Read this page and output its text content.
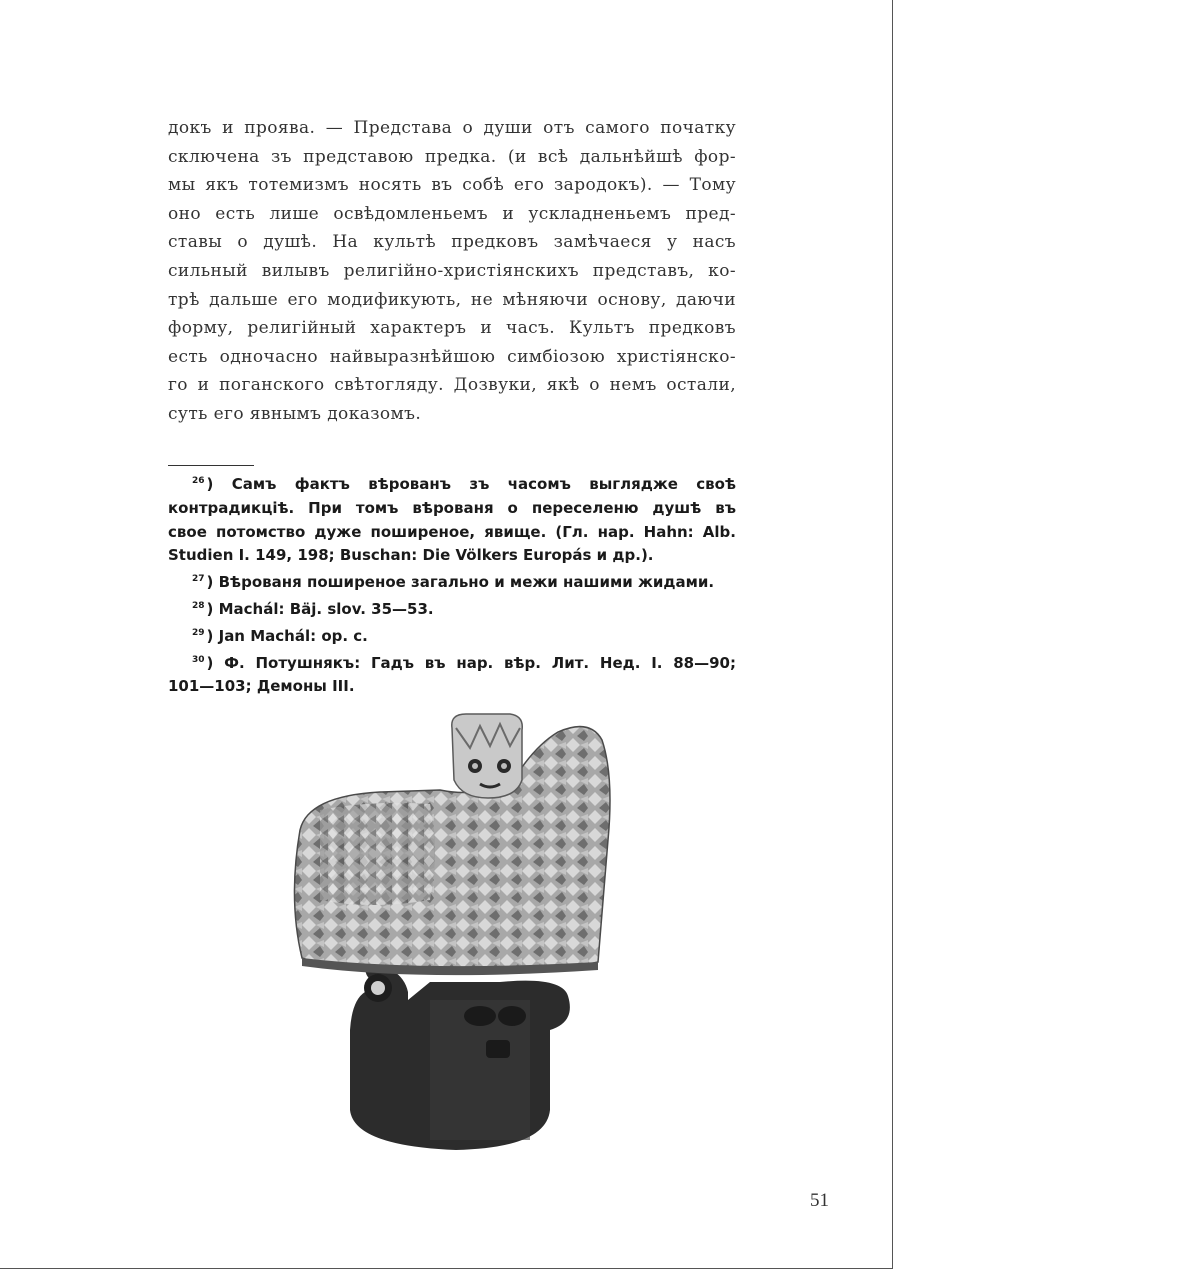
докъ и проява. — Представа о души отъ самого початку
сключена зъ представою предка. (и всѣ дальнѣйшѣ фор-
мы якъ тотемизмъ носять въ собѣ его зародокъ). — Тому
оно есть лише освѣдомленьемъ и ускладненьемъ пред-
ставы о душѣ. На культѣ предковъ замѣчаеся у насъ
сильный вилывъ религійно-христіянскихъ представъ, ко-
трѣ дальше его модификують, не мѣняючи основу, даючи
форму, религійный характеръ и часъ. Культъ предковъ
есть одночасно найвыразнѣйшою симбіозою христіянско-
го и поганского свѣтогляду. Дозвуки, якѣ о немъ остали,
суть его явнымъ доказомъ.
$^{26}$ ) Самъ фактъ вѣрованъ зъ часомъ выглядже своѣ
контрадикціѣ. При томъ вѣрованя о переселеню душѣ въ
свое потомство дуже поширеное, явище. (Гл. нар. Hahn: Alb.
Studien I. 149, 198; Buschan: Die Völkers Europás и др.).
$^{27}$ ) Вѣрованя поширеное загально и межи нашими жидами.
$^{28}$ ) Machál: Bäj. slov. 35—53.
$^{29}$ ) Jan Machál: op. c.
$^{30}$ ) Ф. Потушнякъ: Гадъ въ нар. вѣр. Лит. Нед. I. 88—90;
101—103; Демоны III.
51
